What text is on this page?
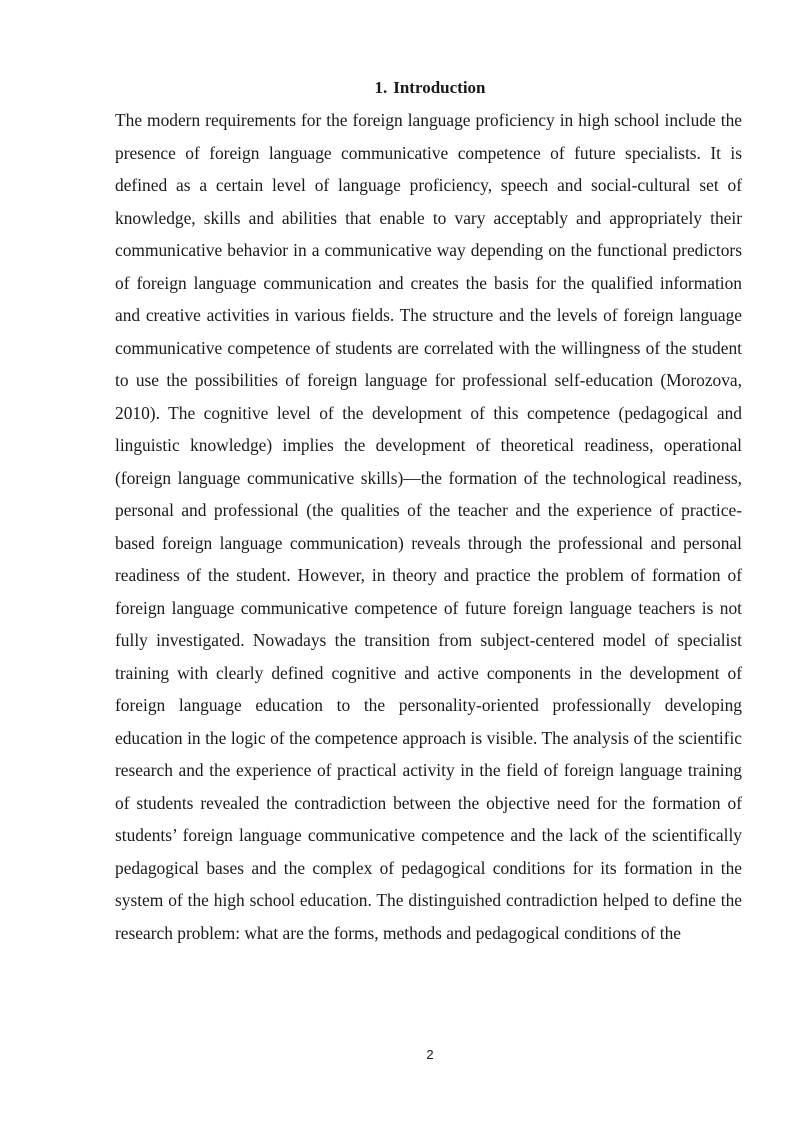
1. Introduction

The modern requirements for the foreign language proficiency in high school include the presence of foreign language communicative competence of future specialists. It is defined as a certain level of language proficiency, speech and social-cultural set of knowledge, skills and abilities that enable to vary acceptably and appropriately their communicative behavior in a communicative way depending on the functional predictors of foreign language communication and creates the basis for the qualified information and creative activities in various fields. The structure and the levels of foreign language communicative competence of students are correlated with the willingness of the student to use the possibilities of foreign language for professional self-education (Morozova, 2010). The cognitive level of the development of this competence (pedagogical and linguistic knowledge) implies the development of theoretical readiness, operational (foreign language communicative skills)—the formation of the technological readiness, personal and professional (the qualities of the teacher and the experience of practice-based foreign language communication) reveals through the professional and personal readiness of the student. However, in theory and practice the problem of formation of foreign language communicative competence of future foreign language teachers is not fully investigated. Nowadays the transition from subject-centered model of specialist training with clearly defined cognitive and active components in the development of foreign language education to the personality-oriented professionally developing education in the logic of the competence approach is visible. The analysis of the scientific research and the experience of practical activity in the field of foreign language training of students revealed the contradiction between the objective need for the formation of students’ foreign language communicative competence and the lack of the scientifically pedagogical bases and the complex of pedagogical conditions for its formation in the system of the high school education. The distinguished contradiction helped to define the research problem: what are the forms, methods and pedagogical conditions of the

2
